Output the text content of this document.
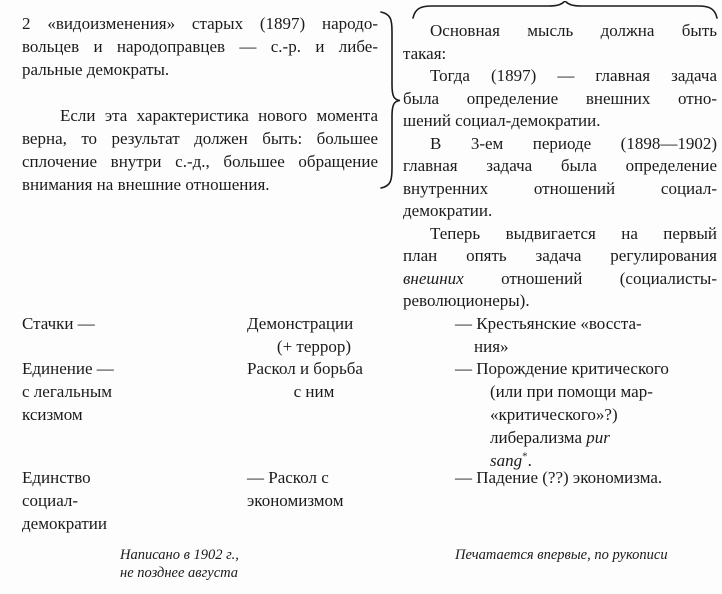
2 «видоизменения» старых (1897) народо-
вольцев и народоправцев — с.-р. и либе-
ральные демократы.
Если эта характеристика нового момента
верна, то результат должен быть: большее
сплочение внутри с.-д., большее обращение
внимания на внешние отношения.
Основная мысль должна быть
такая:
Тогда (1897) — главная задача
была определение внешних отно-
шений социал-демократии.
В 3-ем периоде (1898—1902)
главная задача была определение
внутренних отношений социал-
демократии.
Теперь выдвигается на первый
план опять задача регулирования
внешних отношений (социалисты-
революционеры).
Стачки —	Демонстрации
(+ террор)
— Крестьянские «восста-
ния»
Единение —
с легальным
ксизмом
Раскол и борьба
с ним
— Порождение критического
(или при помощи мар-
«критического»?)
либерализма pur
sang*.
Единство
социал-
демократии
— Раскол с
экономизмом
— Падение (??) экономизма.
Написано в 1902 г.,
не позднее августа
Печатается впервые, по рукописи
